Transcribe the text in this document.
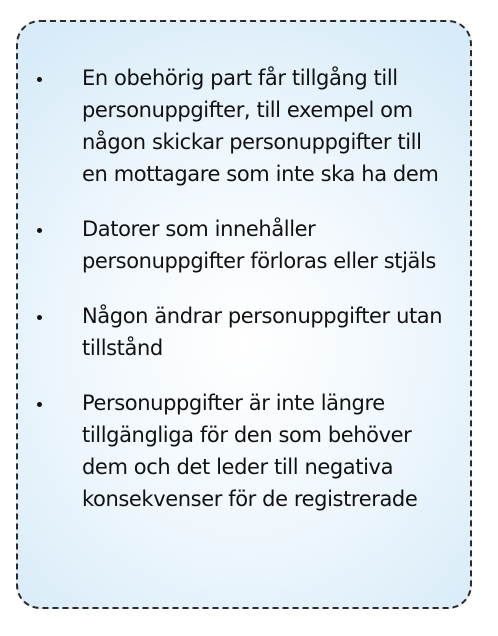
En obehörig part får tillgång till personuppgifter, till exempel om någon skickar personuppgifter till en mottagare som inte ska ha dem
Datorer som innehåller personuppgifter förloras eller stjäls
Någon ändrar personuppgifter utan tillstånd
Personuppgifter är inte längre tillgängliga för den som behöver dem och det leder till negativa konsekvenser för de registrerade
